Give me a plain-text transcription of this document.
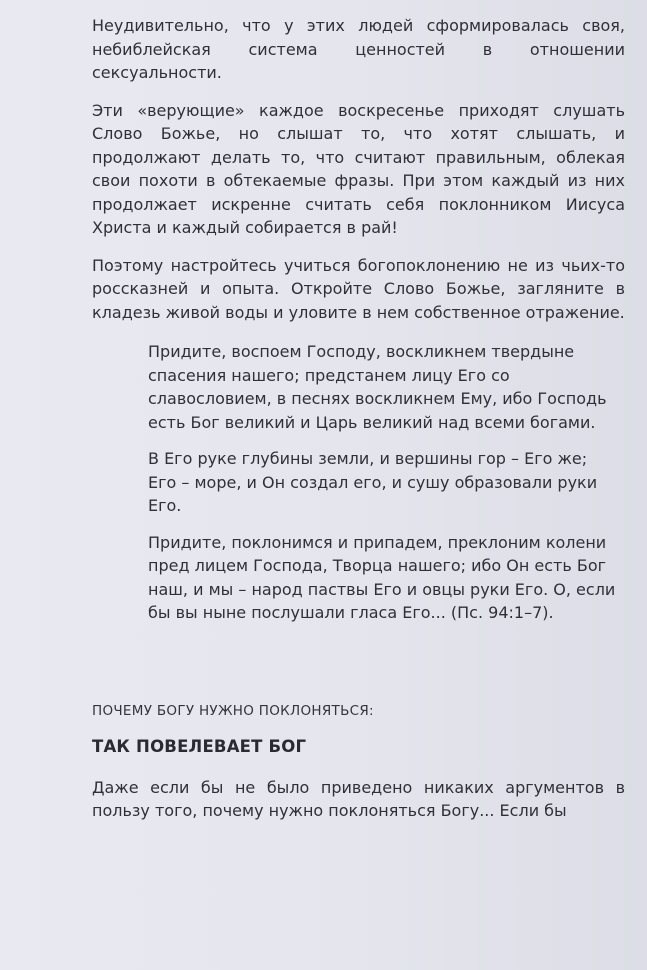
Неудивительно, что у этих людей сформировалась своя, небиблейская система ценностей в отношении сексуальности.

Эти «верующие» каждое воскресенье приходят слушать Слово Божье, но слышат то, что хотят слышать, и продолжают делать то, что считают правильным, облекая свои похоти в обтекаемые фразы. При этом каждый из них продолжает искренне считать себя поклонником Иисуса Христа и каждый собирается в рай!

Поэтому настройтесь учиться богопоклонению не из чьих-то россказней и опыта. Откройте Слово Божье, загляните в кладезь живой воды и уловите в нем собственное отражение.

Придите, воспоем Господу, воскликнем твердыне спасения нашего; предстанем лицу Его со славословием, в песнях воскликнем Ему, ибо Господь есть Бог великий и Царь великий над всеми богами.

В Его руке глубины земли, и вершины гор – Его же; Его – море, и Он создал его, и сушу образовали руки Его.

Придите, поклонимся и припадем, преклоним колени пред лицем Господа, Творца нашего; ибо Он есть Бог наш, и мы – народ паствы Его и овцы руки Его. О, если бы вы ныне послушали гласа Его... (Пс. 94:1–7).

ПОЧЕМУ БОГУ НУЖНО ПОКЛОНЯТЬСЯ:
ТАК ПОВЕЛЕВАЕТ БОГ

Даже если бы не было приведено никаких аргументов в пользу того, почему нужно поклоняться Богу... Если бы
